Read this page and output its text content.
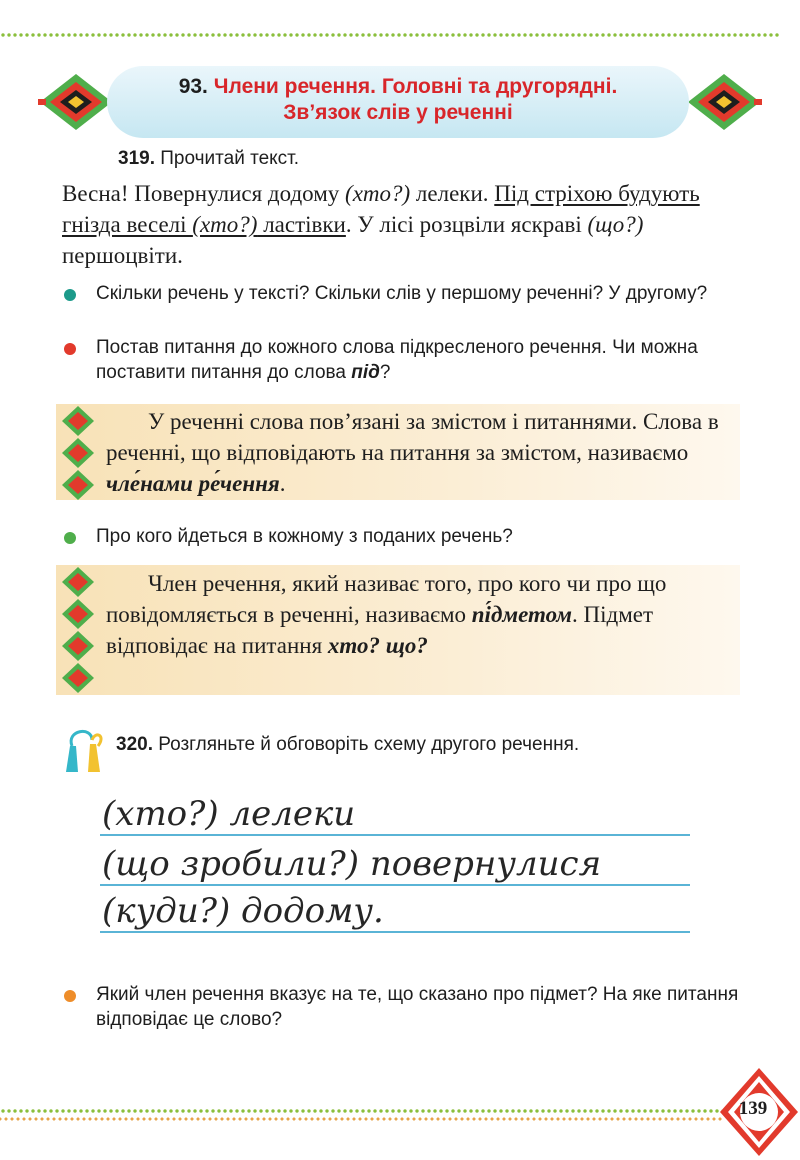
93. Члени речення. Головні та другорядні.
Зв’язок слів у реченні
319. Прочитай текст.
Весна! Повернулися додому (хто?) лелеки. Під стріхою будують гнізда веселі (хто?) ластівки. У лісі розцвіли яскраві (що?) першоцвіти.
Скільки речень у тексті? Скільки слів у першому реченні? У другому?
Постав питання до кожного слова підкресленого речення. Чи можна поставити питання до слова під?
У реченні слова пов’язані за змістом і питаннями. Слова в реченні, що відповідають на питання за змістом, називаємо чле́нами ре́чення.
Про кого йдеться в кожному з поданих речень?
Член речення, який називає того, про кого чи про що повідомляється в реченні, називаємо пі́дметом. Підмет відповідає на питання хто? що?
320. Розгляньте й обговоріть схему другого речення.
(хто?) лелеки
(що зробили?) повернулися
(куди?) додому.
Який член речення вказує на те, що сказано про підмет? На яке питання відповідає це слово?
139
